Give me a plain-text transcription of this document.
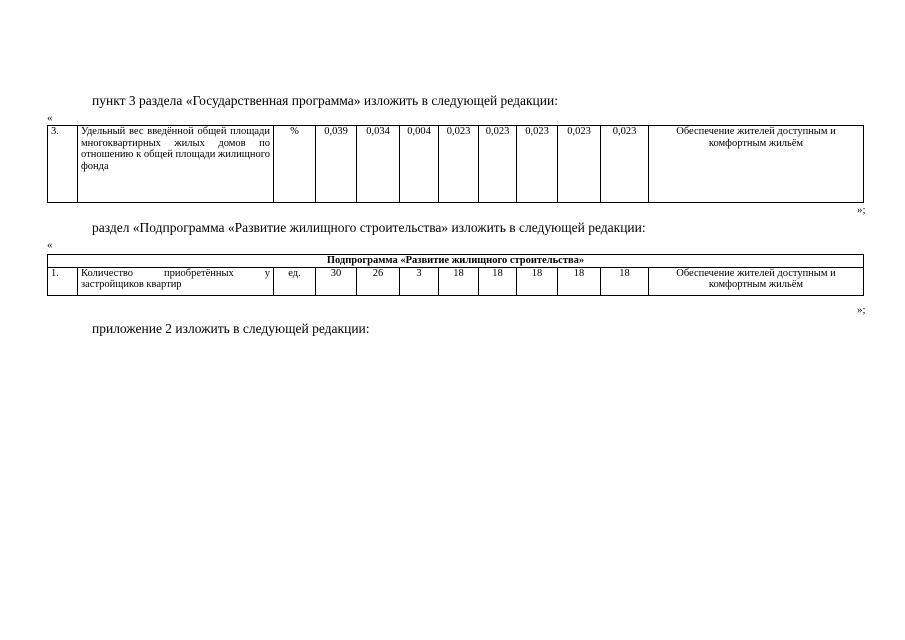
пункт 3 раздела «Государственная программа» изложить в следующей редакции:
«
3.	Удельный вес введённой общей площади многоквартирных жилых домов по отношению к общей площади жилищного фонда	%	0,039	0,034	0,004	0,023	0,023	0,023	0,023	0,023	Обеспечение жителей доступным и комфортным жильём
»;
раздел «Подпрограмма «Развитие жилищного строительства» изложить в следующей редакции:
«
Подпрограмма «Развитие жилищного строительства»
1.	Количество приобретённых у застройщиков квартир	ед.	30	26	3	18	18	18	18	18	Обеспечение жителей доступным и комфортным жильём
»;
приложение 2 изложить в следующей редакции:
